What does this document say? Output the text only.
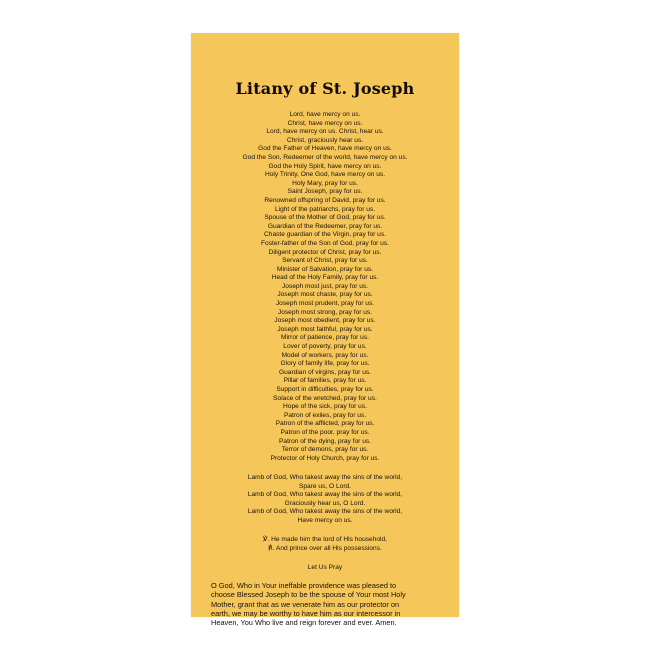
Litany of St. Joseph
Lord, have mercy on us.
Christ, have mercy on us.
Lord, have mercy on us. Christ, hear us.
Christ, graciously hear us.
God the Father of Heaven, have mercy on us.
God the Son, Redeemer of the world, have mercy on us.
God the Holy Spirit, have mercy on us.
Holy Trinity, One God, have mercy on us.
Holy Mary, pray for us.
Saint Joseph, pray for us.
Renowned offspring of David, pray for us.
Light of the patriarchs, pray for us.
Spouse of the Mother of God, pray for us.
Guardian of the Redeemer, pray for us.
Chaste guardian of the Virgin, pray for us.
Foster-father of the Son of God, pray for us.
Diligent protector of Christ, pray for us.
Servant of Christ, pray for us.
Minister of Salvation, pray for us.
Head of the Holy Family, pray for us.
Joseph most just, pray for us.
Joseph most chaste, pray for us.
Joseph most prudent, pray for us.
Joseph most strong, pray for us.
Joseph most obedient, pray for us.
Joseph most faithful, pray for us.
Mirror of patience, pray for us.
Lover of poverty, pray for us.
Model of workers, pray for us.
Glory of family life, pray for us.
Guardian of virgins, pray for us.
Pillar of families, pray for us.
Support in difficulties, pray for us.
Solace of the wretched, pray for us.
Hope of the sick, pray for us.
Patron of exiles, pray for us.
Patron of the afflicted, pray for us.
Patron of the poor, pray for us.
Patron of the dying, pray for us.
Terror of demons, pray for us.
Protector of Holy Church, pray for us.
Lamb of God, Who takest away the sins of the world,
Spare us, O Lord.
Lamb of God, Who takest away the sins of the world,
Graciously hear us, O Lord.
Lamb of God, Who takest away the sins of the world,
Have mercy on us.
℣. He made him the lord of His household,
℟. And prince over all His possessions.
Let Us Pray
O God, Who in Your ineffable providence was pleased to
choose Blessed Joseph to be the spouse of Your most Holy
Mother, grant that as we venerate him as our protector on
earth, we may be worthy to have him as our intercessor in
Heaven, You Who live and reign forever and ever. Amen.
